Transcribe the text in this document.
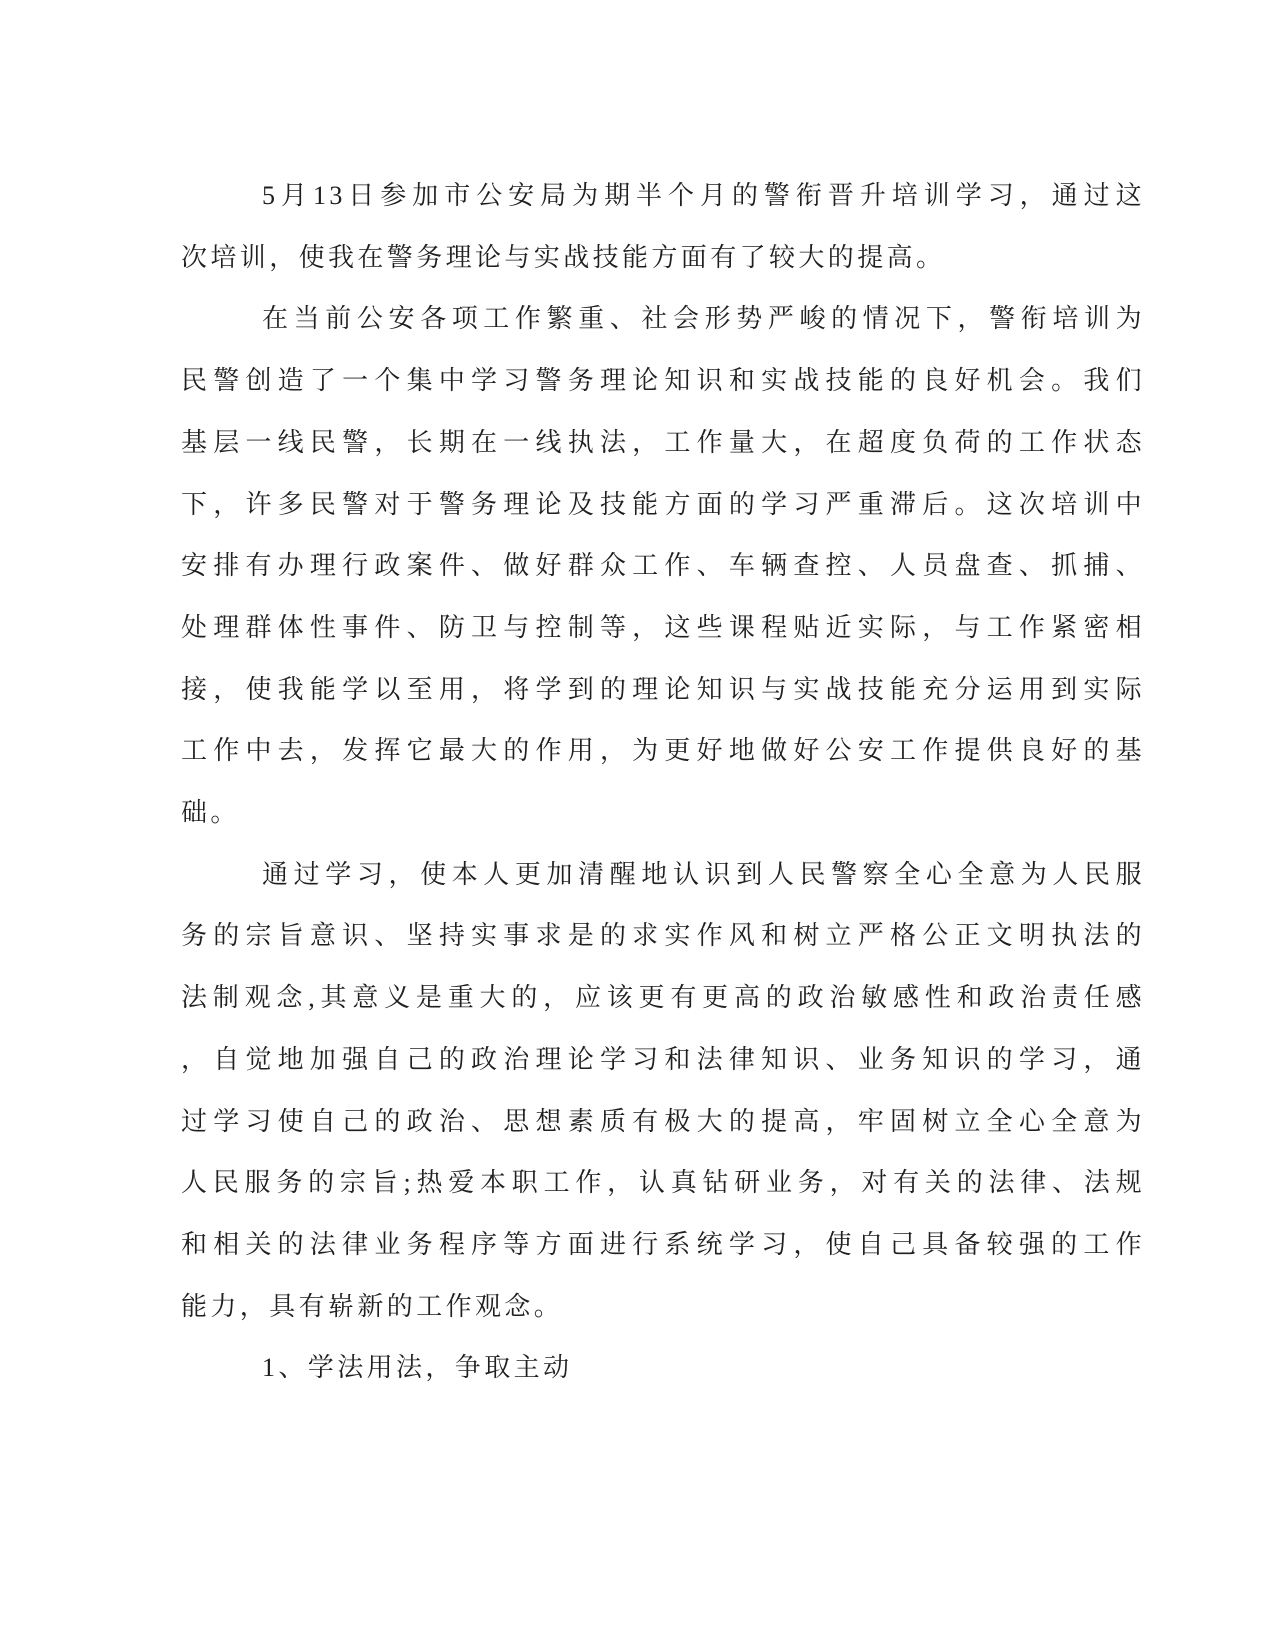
5月13日参加市公安局为期半个月的警衔晋升培训学习，通过这
次培训，使我在警务理论与实战技能方面有了较大的提高。
在当前公安各项工作繁重、社会形势严峻的情况下，警衔培训为
民警创造了一个集中学习警务理论知识和实战技能的良好机会。我们
基层一线民警，长期在一线执法，工作量大，在超度负荷的工作状态
下，许多民警对于警务理论及技能方面的学习严重滞后。这次培训中
安排有办理行政案件、做好群众工作、车辆查控、人员盘查、抓捕、
处理群体性事件、防卫与控制等，这些课程贴近实际，与工作紧密相
接，使我能学以至用，将学到的理论知识与实战技能充分运用到实际
工作中去，发挥它最大的作用，为更好地做好公安工作提供良好的基
础。
通过学习，使本人更加清醒地认识到人民警察全心全意为人民服
务的宗旨意识、坚持实事求是的求实作风和树立严格公正文明执法的
法制观念,其意义是重大的，应该更有更高的政治敏感性和政治责任感
，自觉地加强自己的政治理论学习和法律知识、业务知识的学习，通
过学习使自己的政治、思想素质有极大的提高，牢固树立全心全意为
人民服务的宗旨;热爱本职工作，认真钻研业务，对有关的法律、法规
和相关的法律业务程序等方面进行系统学习，使自己具备较强的工作
能力，具有崭新的工作观念。
1、学法用法，争取主动
